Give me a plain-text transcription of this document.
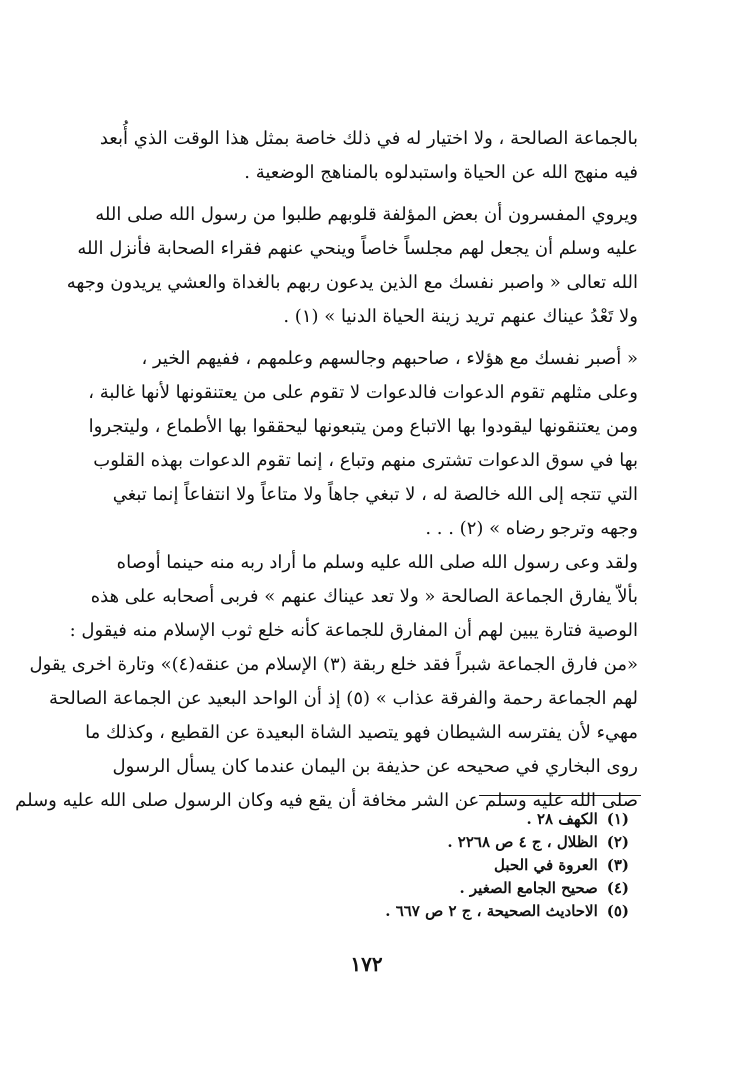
بالجماعة الصالحة ، ولا اختيار له في ذلك خاصة بمثل هذا الوقت الذي أُبعد
فيه منهج الله عن الحياة واستبدلوه بالمناهج الوضعية .
ويروي المفسرون أن بعض المؤلفة قلوبهم طلبوا من رسول الله صلى الله
عليه وسلم أن يجعل لهم مجلساً خاصاً وينحي عنهم فقراء الصحابة فأنزل الله
الله تعالى « واصبر نفسك مع الذين يدعون ربهم بالغداة والعشي يريدون وجهه
ولا تَعْدُ عيناك عنهم تريد زينة الحياة الدنيا » (١) .
« أصبر نفسك مع هؤلاء ، صاحبهم وجالسهم وعلمهم ، ففيهم الخير ،
وعلى مثلهم تقوم الدعوات فالدعوات لا تقوم على من يعتنقونها لأنها غالبة ،
ومن يعتنقونها ليقودوا بها الاتباع ومن يتبعونها ليحققوا بها الأطماع ، وليتجروا
بها في سوق الدعوات تشترى منهم وتباع ، إنما تقوم الدعوات بهذه القلوب
التي تتجه إلى الله خالصة له ، لا تبغي جاهاً ولا متاعاً ولا انتفاعاً إنما تبغي
وجهه وترجو رضاه » (٢) . . .
ولقد وعى رسول الله صلى الله عليه وسلم ما أراد ربه منه حينما أوصاه
بألاّ يفارق الجماعة الصالحة « ولا تعد عيناك عنهم » فربى أصحابه على هذه
الوصية فتارة يبين لهم أن المفارق للجماعة كأنه خلع ثوب الإسلام منه فيقول :
«من فارق الجماعة شبراً فقد خلع ربقة (٣) الإسلام من عنقه(٤)» وتارة اخرى يقول
لهم الجماعة رحمة والفرقة عذاب » (٥) إذ أن الواحد البعيد عن الجماعة الصالحة
مهيء لأن يفترسه الشيطان فهو يتصيد الشاة البعيدة عن القطيع ، وكذلك ما
روى البخاري في صحيحه عن حذيفة بن اليمان عندما كان يسأل الرسول
صلى الله عليه وسلم عن الشر مخافة أن يقع فيه وكان الرسول صلى الله عليه وسلم
(١) الكهف ٢٨ .
(٢) الظلال ، ج ٤ ص ٢٢٦٨ .
(٣) العروة في الحبل
(٤) صحيح الجامع الصغير .
(٥) الاحاديث الصحيحة ، ج ٢ ص ٦٦٧ .
١٧٢
